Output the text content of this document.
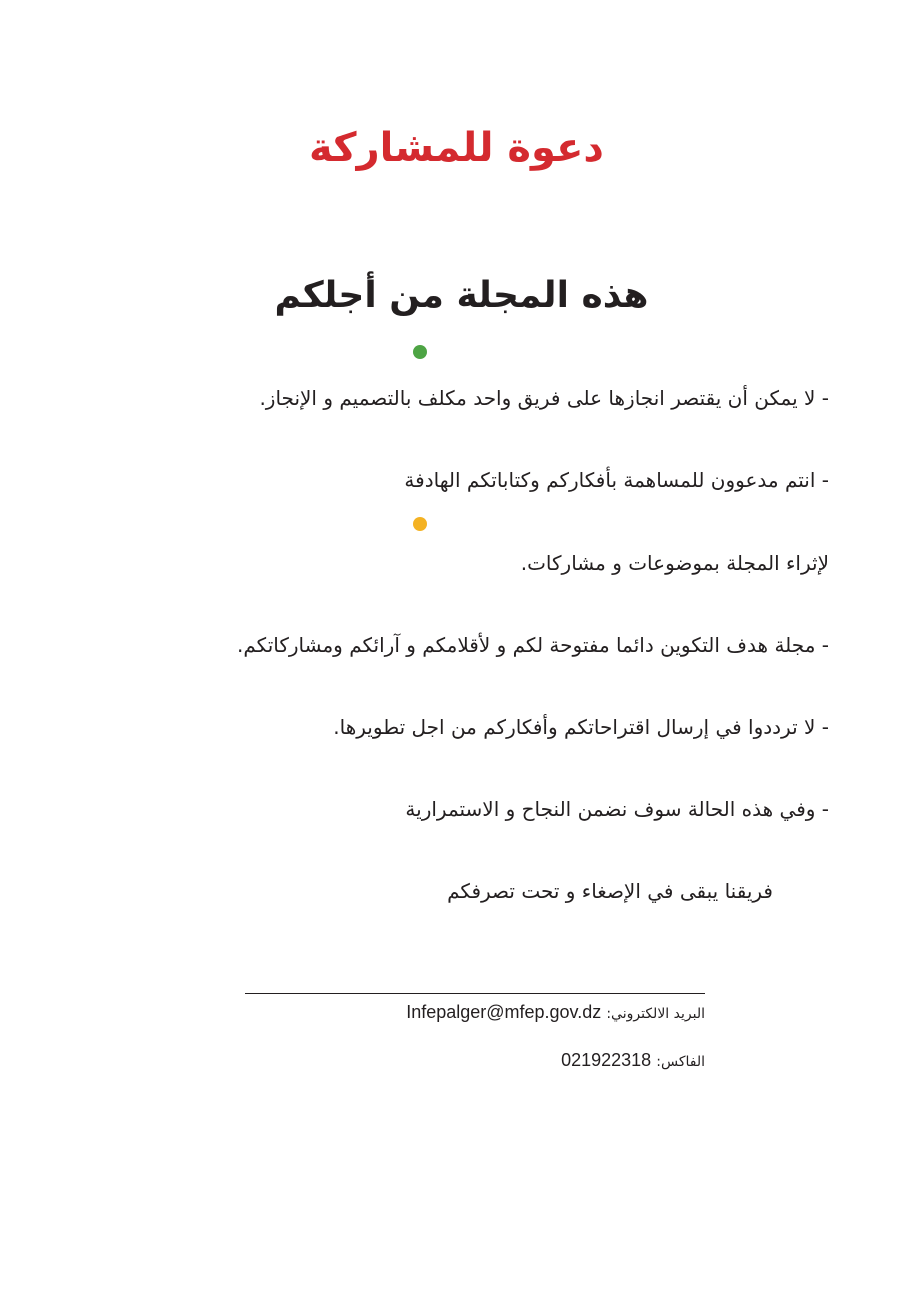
دعوة للمشاركة
هذه المجلة من أجلكم
- لا يمكن أن يقتصر انجازها على فريق واحد مكلف بالتصميم و الإنجاز.
- انتم مدعوون للمساهمة بأفكاركم وكتاباتكم الهادفة
لإثراء المجلة بموضوعات و مشاركات.
- مجلة هدف التكوين دائما مفتوحة لكم و لأقلامكم و آرائكم ومشاركاتكم.
- لا ترددوا في إرسال اقتراحاتكم وأفكاركم من اجل تطويرها.
- وفي هذه الحالة سوف نضمن النجاح و الاستمرارية
فريقنا يبقى في الإصغاء و تحت تصرفكم
البريد الالكتروني: Infepalger@mfep.gov.dz
الفاكس: 021922318
